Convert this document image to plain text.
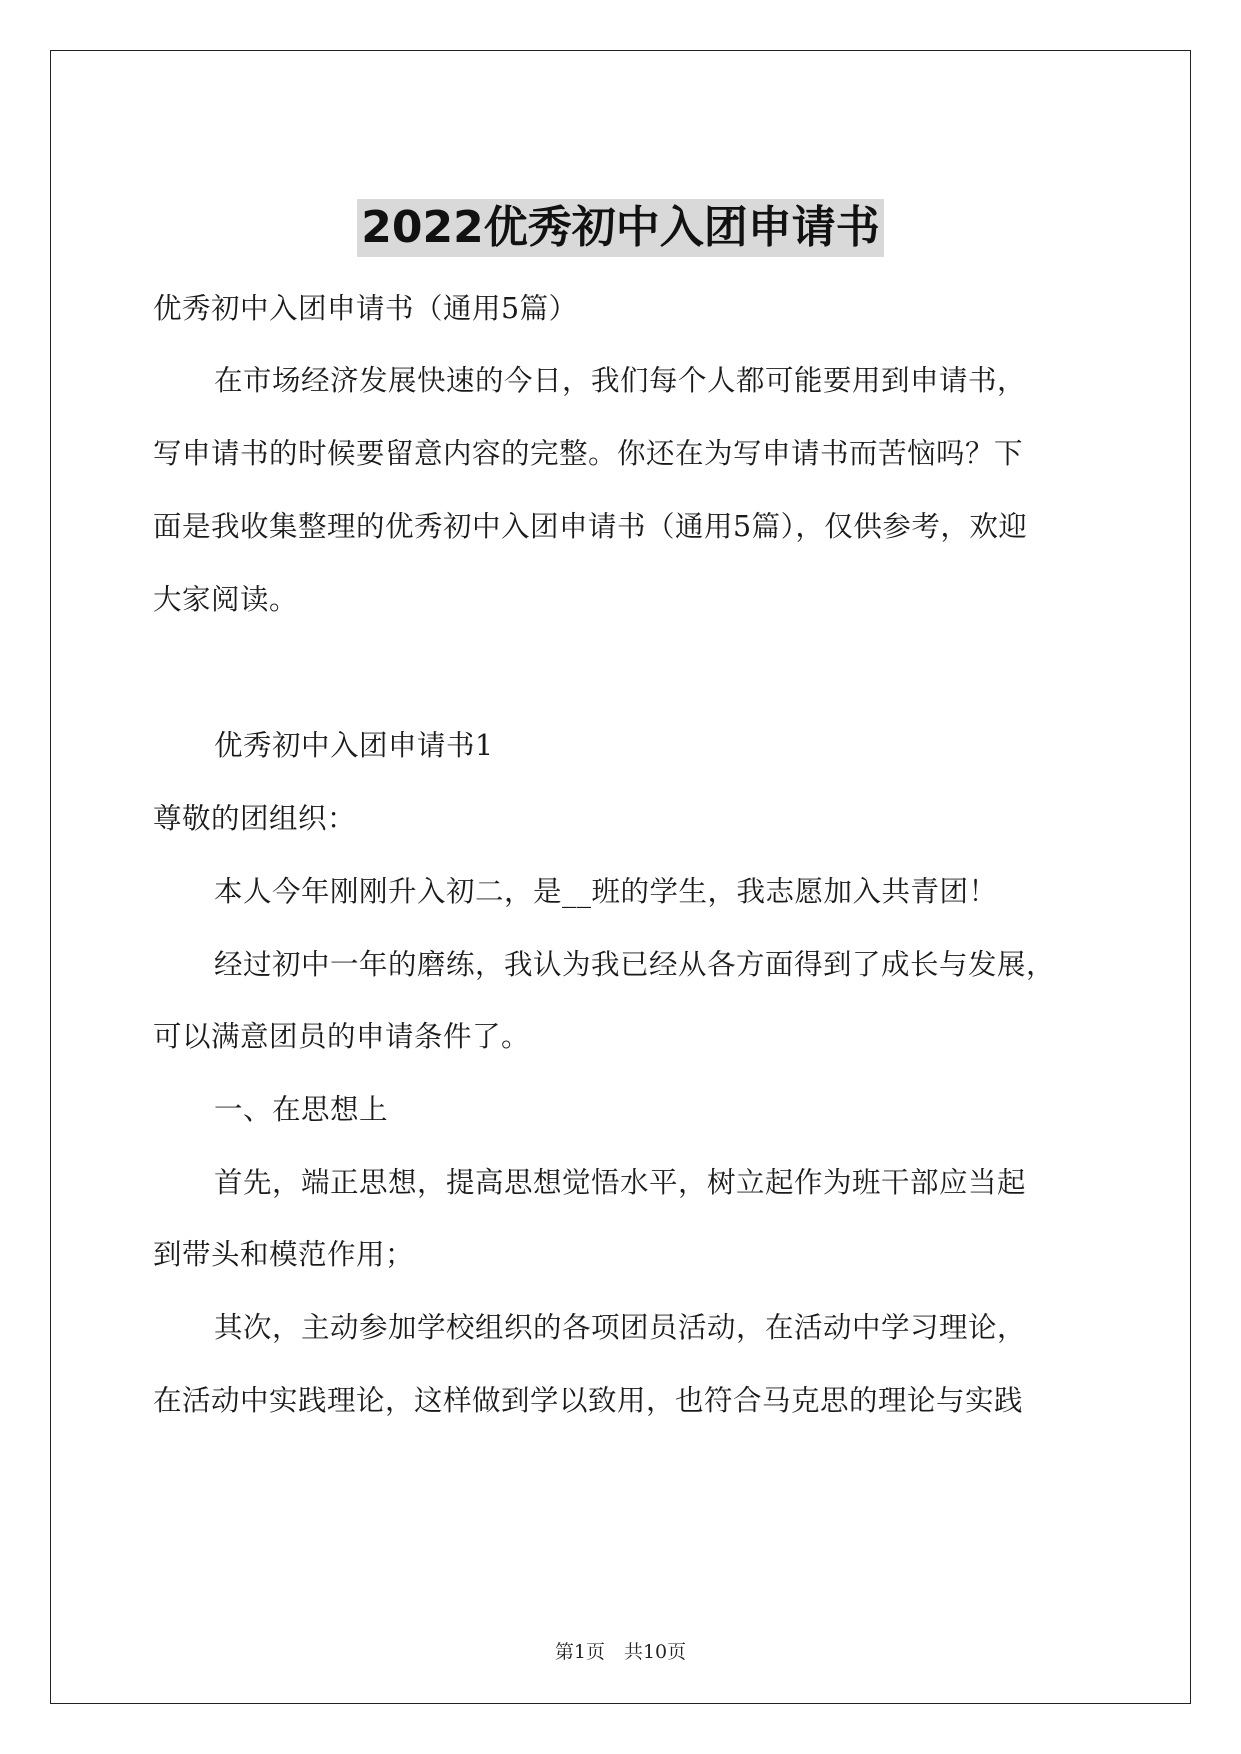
2022优秀初中入团申请书
优秀初中入团申请书（通用5篇）
在市场经济发展快速的今日，我们每个人都可能要用到申请书，
写申请书的时候要留意内容的完整。你还在为写申请书而苦恼吗？下
面是我收集整理的优秀初中入团申请书（通用5篇），仅供参考，欢迎
大家阅读。
优秀初中入团申请书1
尊敬的团组织：
本人今年刚刚升入初二，是__班的学生，我志愿加入共青团！
经过初中一年的磨练，我认为我已经从各方面得到了成长与发展，
可以满意团员的申请条件了。
一、在思想上
首先，端正思想，提高思想觉悟水平，树立起作为班干部应当起
到带头和模范作用；
其次，主动参加学校组织的各项团员活动，在活动中学习理论，
在活动中实践理论，这样做到学以致用，也符合马克思的理论与实践
第1页　共10页
